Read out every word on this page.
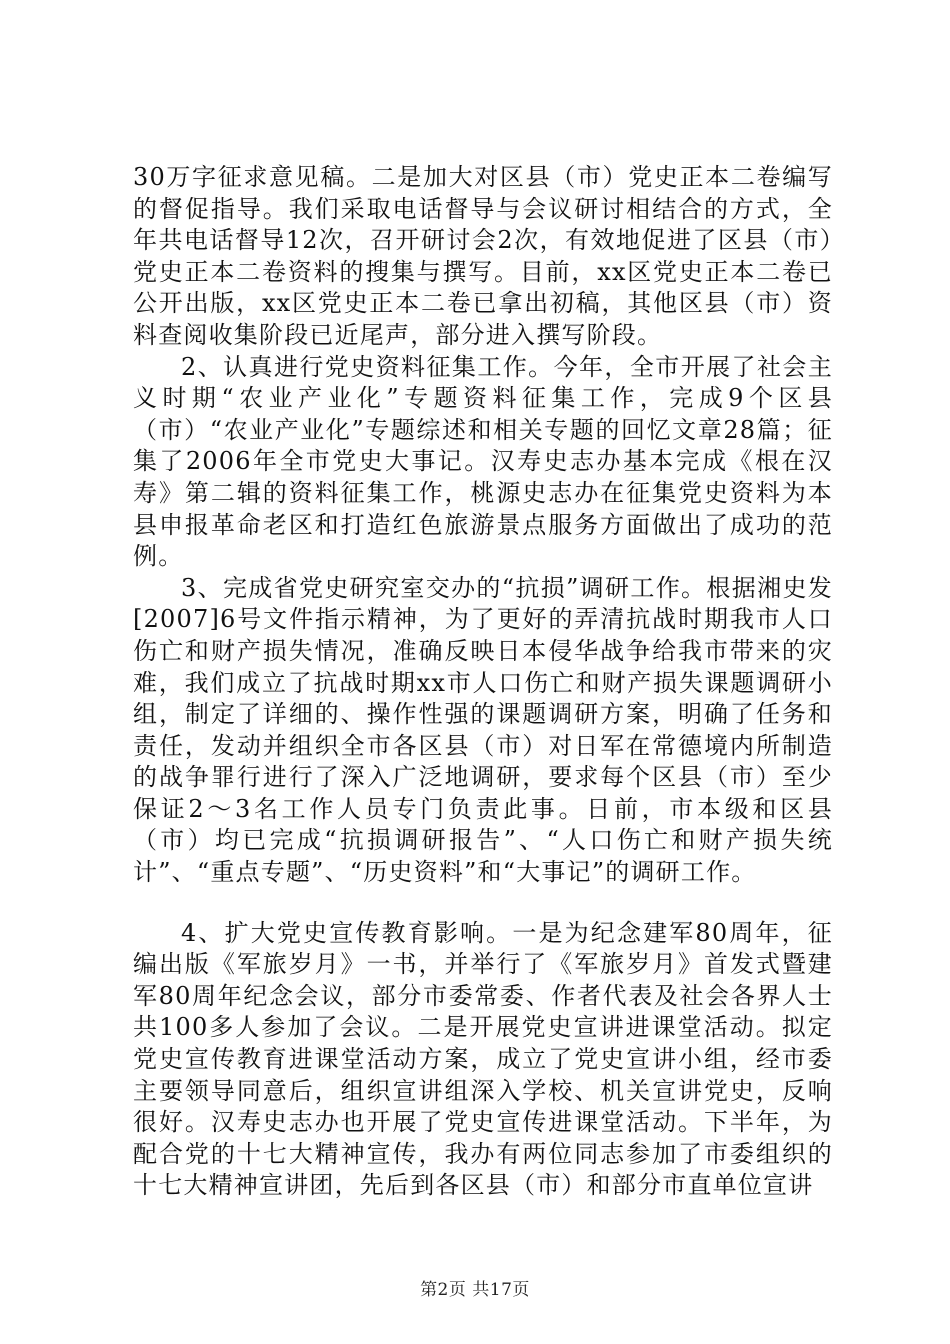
30万字征求意见稿。二是加大对区县（市）党史正本二卷编写的督促指导。我们采取电话督导与会议研讨相结合的方式，全年共电话督导12次，召开研讨会2次，有效地促进了区县（市）党史正本二卷资料的搜集与撰写。目前，xx区党史正本二卷已公开出版，xx区党史正本二卷已拿出初稿，其他区县（市）资料查阅收集阶段已近尾声，部分进入撰写阶段。

2、认真进行党史资料征集工作。今年，全市开展了社会主义时期“农业产业化”专题资料征集工作，完成9个区县（市）“农业产业化”专题综述和相关专题的回忆文章28篇；征集了2006年全市党史大事记。汉寿史志办基本完成《根在汉寿》第二辑的资料征集工作，桃源史志办在征集党史资料为本县申报革命老区和打造红色旅游景点服务方面做出了成功的范例。

3、完成省党史研究室交办的“抗损”调研工作。根据湘史发[2007]6号文件指示精神，为了更好的弄清抗战时期我市人口伤亡和财产损失情况，准确反映日本侵华战争给我市带来的灾难，我们成立了抗战时期xx市人口伤亡和财产损失课题调研小组，制定了详细的、操作性强的课题调研方案，明确了任务和责任，发动并组织全市各区县（市）对日军在常德境内所制造的战争罪行进行了深入广泛地调研，要求每个区县（市）至少保证2～3名工作人员专门负责此事。日前，市本级和区县（市）均已完成“抗损调研报告”、“人口伤亡和财产损失统计”、“重点专题”、“历史资料”和“大事记”的调研工作。

4、扩大党史宣传教育影响。一是为纪念建军80周年，征编出版《军旅岁月》一书，并举行了《军旅岁月》首发式暨建军80周年纪念会议，部分市委常委、作者代表及社会各界人士共100多人参加了会议。二是开展党史宣讲进课堂活动。拟定党史宣传教育进课堂活动方案，成立了党史宣讲小组，经市委主要领导同意后，组织宣讲组深入学校、机关宣讲党史，反响很好。汉寿史志办也开展了党史宣传进课堂活动。下半年，为配合党的十七大精神宣传，我办有两位同志参加了市委组织的十七大精神宣讲团，先后到各区县（市）和部分市直单位宣讲

第2页 共17页
